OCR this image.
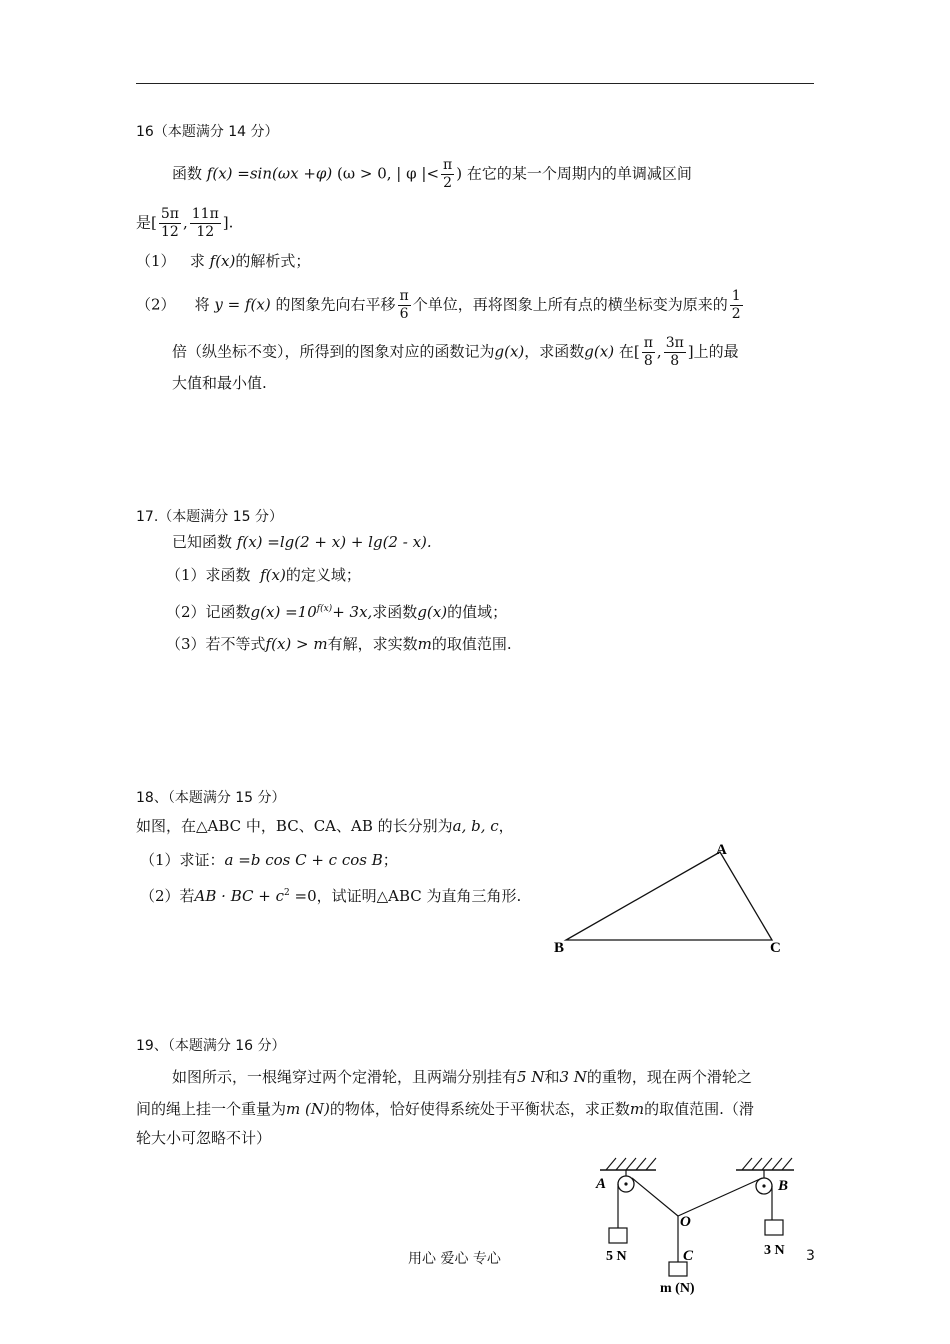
16（本题满分 14 分）
函数 f(x) =sin(ωx +φ) (ω > 0, | φ |< $\frac{\pi}{2}$ ) 在它的某一个周期内的单调减区间
是[ $\frac{5\pi}{12}$ , $\frac{11\pi}{12}$ ].
（1） 求 f(x)的解析式；
（2） 将 y = f(x) 的图象先向右平移 $\frac{\pi}{6}$ 个单位，再将图象上所有点的横坐标变为原来的 $\frac{1}{2}$
倍（纵坐标不变），所得到的图象对应的函数记为g(x)，求函数g(x) 在[ $\frac{\pi}{8}$ , $\frac{3\pi}{8}$ ]上的最
大值和最小值.
17.（本题满分 15 分）
已知函数 f(x) =lg(2 + x) + lg(2 - x).
（1）求函数 f(x)的定义域；
（2）记函数$g(x) =10^{f(x)}+ 3x$,求函数g(x)的值域；
（3）若不等式f(x) > m有解，求实数m的取值范围.
18、（本题满分 15 分）
如图，在△ABC 中，BC、CA、AB 的长分别为a, b, c，
（1）求证：a =b cos C + c cos B；
（2）若AB · BC + $c^2 =0$，试证明△ABC 为直角三角形.
A
B	C
19、（本题满分 16 分）
如图所示，一根绳穿过两个定滑轮，且两端分别挂有5 N和3 N的重物，现在两个滑轮之
间的绳上挂一个重量为m (N)的物体，恰好使得系统处于平衡状态，求正数m的取值范围.（滑
轮大小可忽略不计）
A	B
O
C
5 N	3 N
m (N)
用心 爱心 专心	3
